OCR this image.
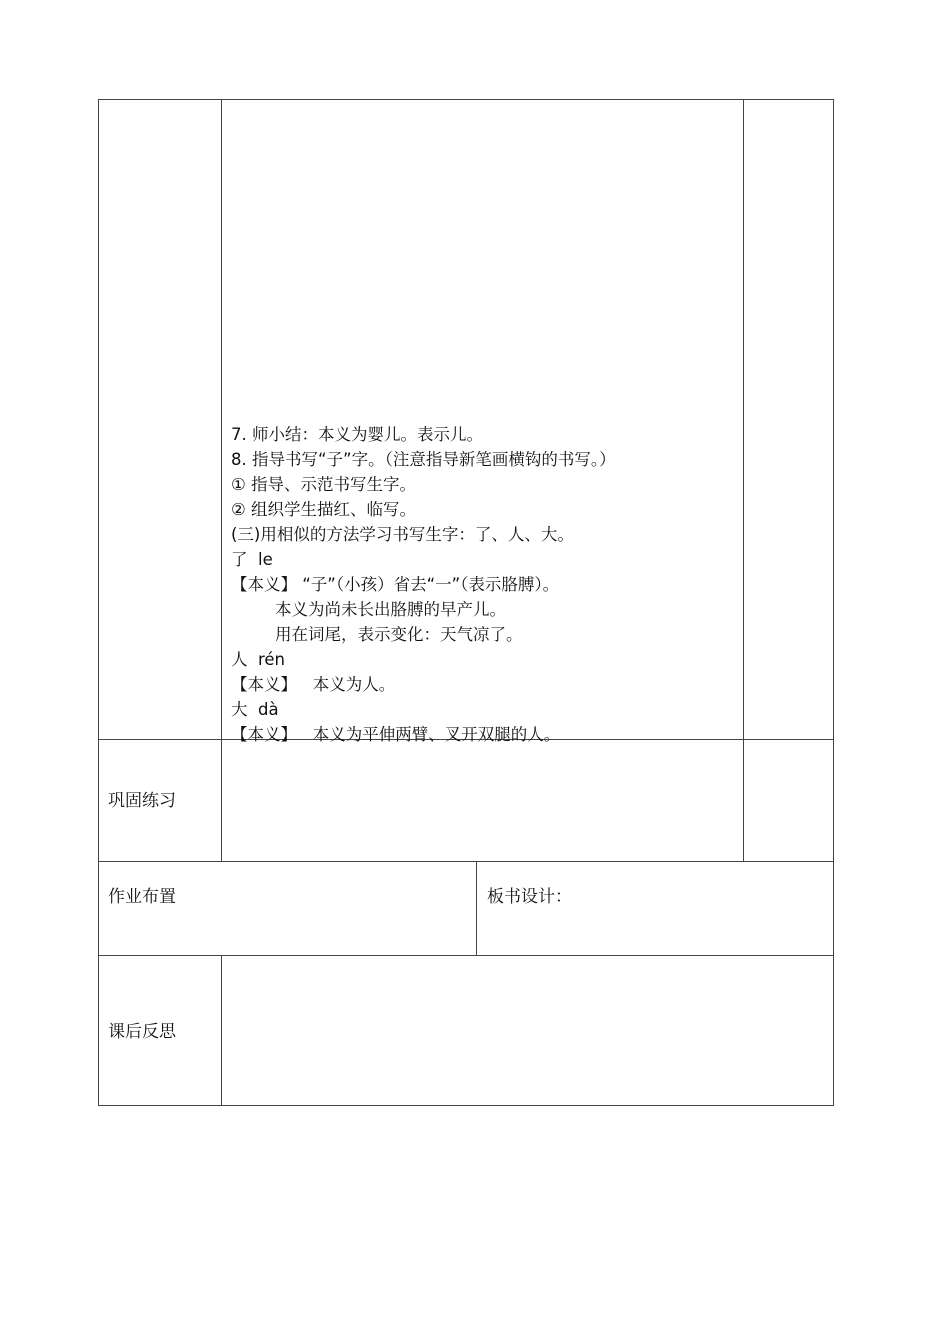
7. 师小结：本义为婴儿。表示儿。
8. 指导书写“子”字。（注意指导新笔画横钩的书写。）
① 指导、示范书写生字。
② 组织学生描红、临写。
(三)用相似的方法学习书写生字：了、人、大。
了  le
【本义】 “子”（小孩）省去“一”（表示胳膊）。
本义为尚未长出胳膊的早产儿。
用在词尾，表示变化：天气凉了。
人  rén
【本义】   本义为人。
大  dà
【本义】   本义为平伸两臂、叉开双腿的人。
巩固练习
作业布置	板书设计：
课后反思
